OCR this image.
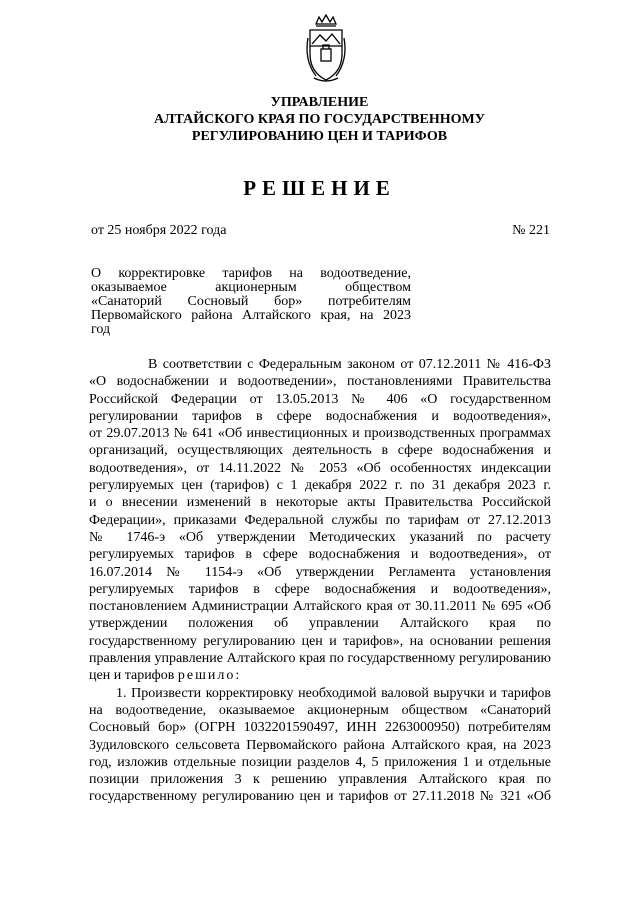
УПРАВЛЕНИЕ
АЛТАЙСКОГО КРАЯ ПО ГОСУДАРСТВЕННОМУ
РЕГУЛИРОВАНИЮ ЦЕН И ТАРИФОВ
РЕШЕНИЕ
от 25 ноября 2022 года	№ 221
О корректировке тарифов на водоотведение,
оказываемое акционерным обществом
«Санаторий Сосновый бор» потребителям
Первомайского района Алтайского края, на 2023
год
В соответствии с Федеральным законом от 07.12.2011 № 416-ФЗ
«О водоснабжении и водоотведении», постановлениями Правительства
Российской Федерации от 13.05.2013 № 406 «О государственном
регулировании тарифов в сфере водоснабжения и водоотведения»,
от 29.07.2013 № 641 «Об инвестиционных и производственных программах
организаций, осуществляющих деятельность в сфере водоснабжения и
водоотведения», от 14.11.2022 № 2053 «Об особенностях индексации
регулируемых цен (тарифов) с 1 декабря 2022 г. по 31 декабря 2023 г.
и о внесении изменений в некоторые акты Правительства Российской
Федерации», приказами Федеральной службы по тарифам от 27.12.2013
№ 1746-э «Об утверждении Методических указаний по расчету
регулируемых тарифов в сфере водоснабжения и водоотведения», от
16.07.2014 № 1154-э «Об утверждении Регламента установления
регулируемых тарифов в сфере водоснабжения и водоотведения»,
постановлением Администрации Алтайского края от 30.11.2011 № 695 «Об
утверждении положения об управлении Алтайского края по
государственному регулированию цен и тарифов», на основании решения
правления управление Алтайского края по государственному регулированию
цен и тарифов решило:
1. Произвести корректировку необходимой валовой выручки и тарифов
на водоотведение, оказываемое акционерным обществом «Санаторий
Сосновый бор» (ОГРН 1032201590497, ИНН 2263000950) потребителям
Зудиловского сельсовета Первомайского района Алтайского края, на 2023
год, изложив отдельные позиции разделов 4, 5 приложения 1 и отдельные
позиции приложения 3 к решению управления Алтайского края по
государственному регулированию цен и тарифов от 27.11.2018 № 321 «Об
